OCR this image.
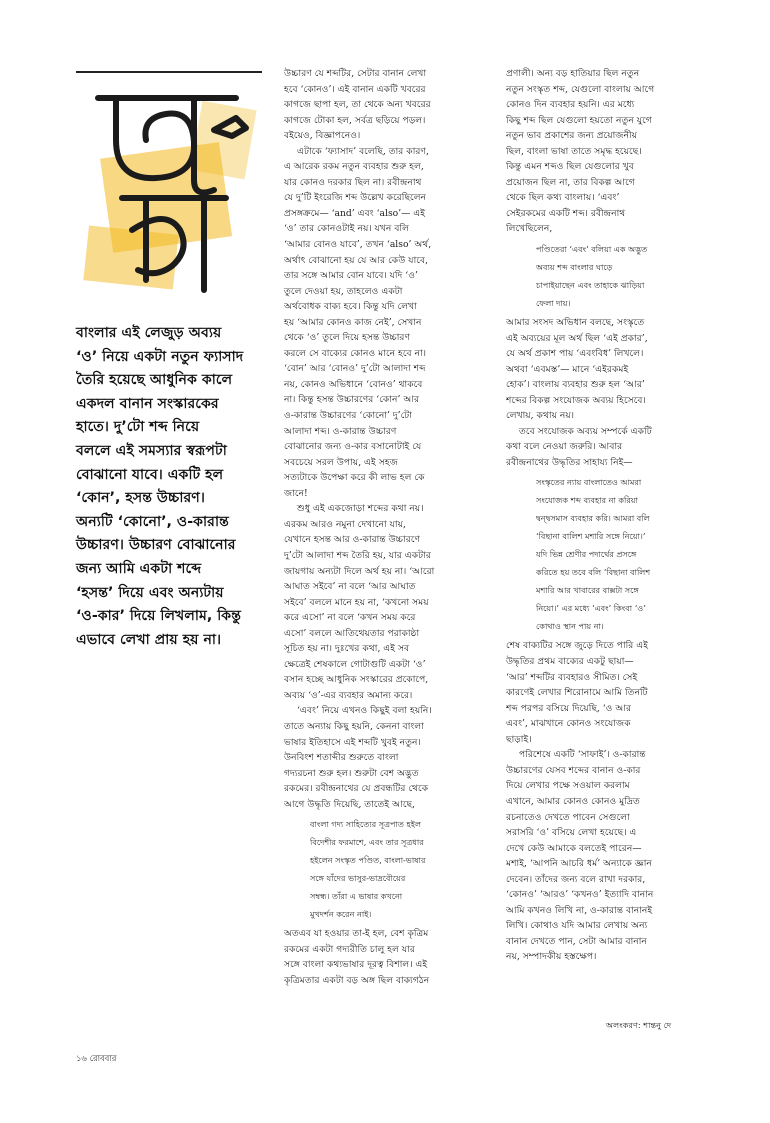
বাংলার এই লেজুড় অব্যয়
‘ও’ নিয়ে একটা নতুন ফ্যাসাদ
তৈরি হয়েছে আধুনিক কালে
একদল বানান সংস্কারকের
হাতে। দু’টো শব্দ নিয়ে
বললে এই সমস্যার স্বরূপটা
বোঝানো যাবে। একটি হল
‘কোন’, হসন্ত উচ্চারণ।
অন্যটি ‘কোনো’, ও-কারান্ত
উচ্চারণ। উচ্চারণ বোঝানোর
জন্য আমি একটা শব্দে
‘হসন্ত’ দিয়ে এবং অন্যটায়
‘ও-কার’ দিয়ে লিখলাম, কিন্তু
এভাবে লেখা প্রায় হয় না।
উচ্চারণ যে শব্দটির, সেটার বানান লেখা
হবে ‘কোনও’। এই বানান একটি খবরের
কাগজে ছাপা হল, তা থেকে অন্য খবরের
কাগজে টোকা হল, সর্বত্র ছড়িয়ে পড়ল।
বইয়েও, বিজ্ঞাপনেও।
এটাকে ‘ফ্যাসাদ’ বলেছি, তার কারণ,
এ আরেক রকম নতুন ব্যবহার শুরু হল,
যার কোনও দরকার ছিল না। রবীন্দ্রনাথ
যে দু’টি ইংরেজি শব্দ উল্লেখ করেছিলেন
প্রসঙ্গক্রমে— ‘and’ এবং ‘also’— এই
‘ও’ তার কোনওটাই নয়। যখন বলি
‘আমার বোনও যাবে’, তখন ‘also’ অর্থ,
অর্থাৎ বোঝানো হয় যে আর কেউ যাবে,
তার সঙ্গে আমার বোন যাবে। যদি ‘ও’
তুলে দেওয়া হয়, তাহলেও একটা
অর্থবোধক বাক্য হবে। কিন্তু যদি লেখা
হয় ‘আমার কোনও কাজ নেই’, সেখান
থেকে ‘ও’ তুলে দিয়ে হসন্ত উচ্চারণ
করলে সে বাক্যের কোনও মানে হবে না।
‘বোন’ আর ‘বোনও’ দু’টো আলাদা শব্দ
নয়, কোনও অভিধানে ‘বোনও’ থাকবে
না। কিন্তু হসন্ত উচ্চারণের ‘কোন’ আর
ও-কারান্ত উচ্চারণের ‘কোনো’ দু’টো
আলাদা শব্দ। ও-কারান্ত উচ্চারণ
বোঝানোর জন্য ও-কার বসানোটাই যে
সবচেয়ে সরল উপায়, এই সহজ
সত্যটাকে উপেক্ষা করে কী লাভ হল কে
জানে!
শুধু এই একজোড়া শব্দের কথা নয়।
এরকম আরও নমুনা দেখানো যায়,
যেখানে হসন্ত আর ও-কারান্ত উচ্চারণে
দু’টো আলাদা শব্দ তৈরি হয়, যার একটার
জায়গায় অন্যটা দিলে অর্থ হয় না। ‘আরো
আঘাত সইবে’ না বলে ‘আর আঘাত
সইবে’ বললে মানে হয় না, ‘কখনো সময়
করে এসো’ না বলে ‘কখন সময় করে
এসো’ বললে আতিথেয়তার পরাকাষ্ঠা
সূচিত হয় না। দুঃখের কথা, এই সব
ক্ষেত্রেই শেষকালে গোটাগুটি একটা ‘ও’
বসান হচ্ছে আধুনিক সংস্কারের প্রকোপে,
অব্যয় ‘ও’-এর ব্যবহার অমান্য করে।
‘এবং’ নিয়ে এখনও কিছুই বলা হয়নি।
তাতে অন্যায় কিছু হয়নি, কেননা বাংলা
ভাষার ইতিহাসে এই শব্দটি খুবই নতুন।
উনবিংশ শতাব্দীর শুরুতে বাংলা
গদ্যরচনা শুরু হল। শুরুটা বেশ অদ্ভুত
রকমের। রবীন্দ্রনাথের যে প্রবন্ধটির থেকে
আগে উদ্ধৃতি দিয়েছি, তাতেই আছে,
বাংলা গদ্য সাহিত্যের সূত্রপাত হইল
বিদেশীর ফরমাশে, এবং তার সূত্রধার
হইলেন সংস্কৃত পণ্ডিত, বাংলা-ভাষার
সঙ্গে যাঁদের ভাসুর-ভাদ্রবৌয়ের
সম্বন্ধ। তাঁরা এ ভাষার কখনো
মুখদর্শন করেন নাই।
অতএব যা হওয়ার তা-ই হল, বেশ কৃত্রিম
রকমের একটা গদ্যরীতি চালু হল যার
সঙ্গে বাংলা কথ্যভাষার দূরত্ব বিশাল। এই
কৃত্রিমতার একটা বড় অঙ্গ ছিল বাক্যগঠন
প্রণালী। অন্য বড় হাতিয়ার ছিল নতুন
নতুন সংস্কৃত শব্দ, যেগুলো বাংলায় আগে
কোনও দিন ব্যবহার হয়নি। এর মধ্যে
কিছু শব্দ ছিল যেগুলো হয়তো নতুন যুগে
নতুন ভাব প্রকাশের জন্য প্রয়োজনীয়
ছিল, বাংলা ভাষা তাতে সমৃদ্ধ হয়েছে।
কিন্তু এমন শব্দও ছিল যেগুলোর খুব
প্রয়োজন ছিল না, তার বিকল্প আগে
থেকে ছিল কথ্য বাংলায়। ‘এবং’
সেইরকমের একটি শব্দ। রবীন্দ্রনাথ
লিখেছিলেন,
পণ্ডিতেরা ‘এবং’ বলিয়া এক অদ্ভুত
অব্যয় শব্দ বাংলার ঘাড়ে
চাপাইয়াছেন এবং তাহাকে ঝাড়িয়া
ফেলা দায়।
আমার সংসদ অভিধান বলছে, সংস্কৃতে
এই অব্যয়ের মূল অর্থ ছিল ‘এই প্রকার’,
যে অর্থ প্রকাশ পায় ‘এবংবিধ’ লিখলে।
অথবা ‘এবমস্ত’— মানে ‘এইরকমই
হোক’। বাংলায় ব্যবহার শুরু হল ‘আর’
শব্দের বিকল্প সংযোজক অব্যয় হিসেবে।
লেখায়, কথায় নয়।
তবে সংযোজক অব্যয় সম্পর্কে একটি
কথা বলে নেওয়া জরুরি। আবার
রবীন্দ্রনাথের উদ্ধৃতির সাহায্য নিই—
সংস্কৃতের ন্যায় বাংলাতেও আমরা
সংযোজক শব্দ ব্যবহার না করিয়া
দ্বন্দ্বসমাস ব্যবহার করি। আমরা বলি
‘বিছানা বালিশ মশারি সঙ্গে নিয়ো।’
যদি ভিন্ন শ্রেণীর পদার্থের প্রসঙ্গে
করিতে হয় তবে বলি ‘বিছানা বালিশ
মশারি আর খাবারের বাক্সটা সঙ্গে
নিয়ো।’ এর মধ্যে ‘এবং’ কিংবা ‘ও’
কোথাও স্থান পায় না।
শেষ বাক্যটির সঙ্গে জুড়ে দিতে পারি এই
উদ্ধৃতির প্রথম বাক্যের একটু ছায়া—
‘আর’ শব্দটির ব্যবহারও সীমিত। সেই
কারণেই লেখার শিরোনামে আমি তিনটি
শব্দ পরপর বসিয়ে দিয়েছি, ‘ও আর
এবং’, মাঝখানে কোনও সংযোজক
ছাড়াই।
পরিশেষে একটি ‘সাফাই’। ও-কারান্ত
উচ্চারণের যেসব শব্দের বানান ও-কার
দিয়ে লেখার পক্ষে সওয়াল করলাম
এখানে, আমার কোনও কোনও মুদ্রিত
রচনাতেও দেখতে পাবেন সেগুলো
সরাসরি ‘ও’ বসিয়ে লেখা হয়েছে। এ
দেখে কেউ আমাকে বলতেই পারেন—
মশাই, ‘আপনি আচরি ধর্ম’ অন্যাকে জ্ঞান
দেবেন। তাঁদের জন্য বলে রাখা দরকার,
‘কোনও’ ‘আরও’ ‘কখনও’ ইত্যাদি বানান
আমি কখনও লিখি না, ও-কারান্ত বানানই
লিখি। কোথাও যদি আমার লেখায় অন্য
বানান দেখতে পান, সেটা আমার বানান
নয়, সম্পাদকীয় হস্তক্ষেপ।
অলংকরণ: শান্তনু দে
১৬ রোববার
